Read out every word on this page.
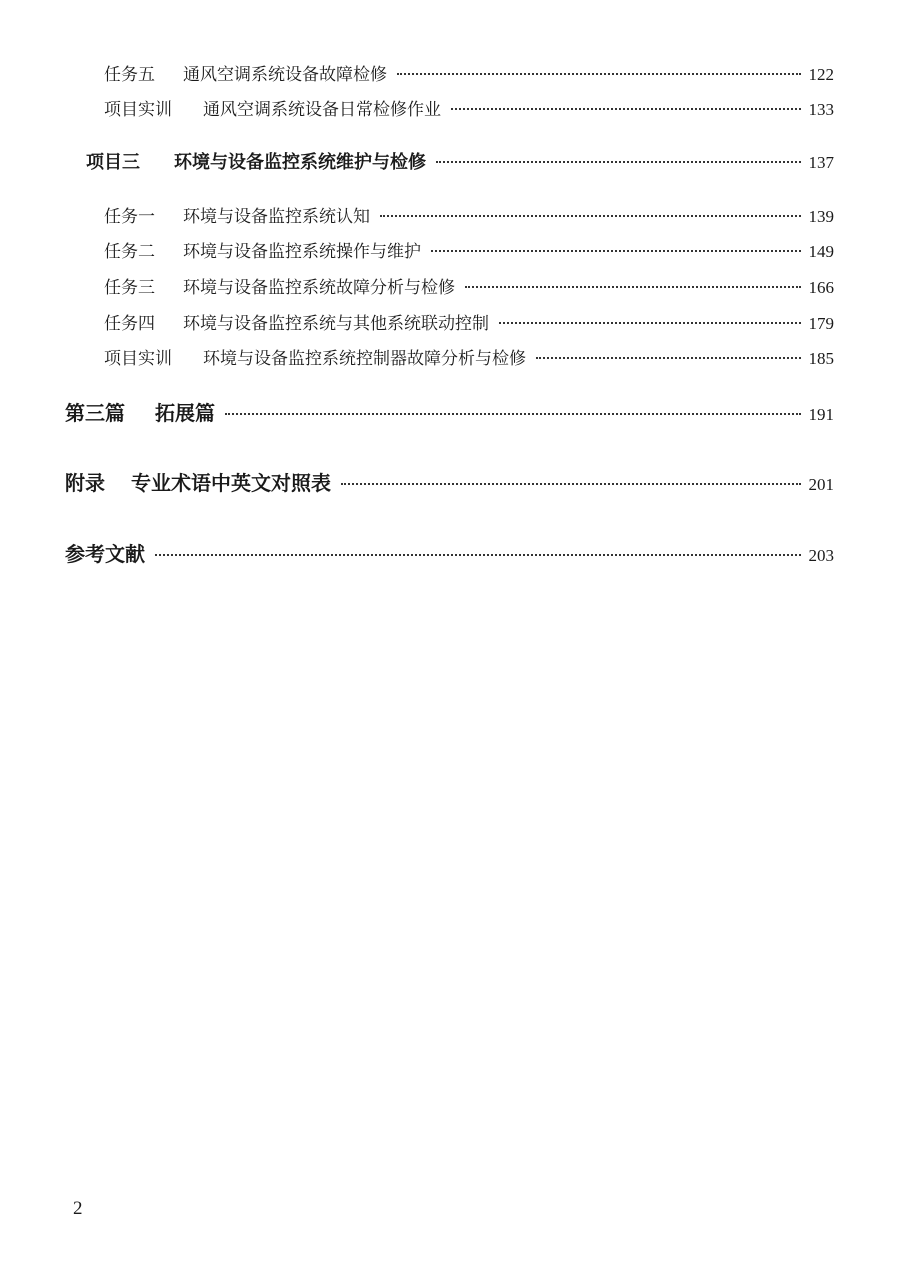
任务五	通风空调系统设备故障检修	122
项目实训	通风空调系统设备日常检修作业	133
项目三	环境与设备监控系统维护与检修	137
任务一	环境与设备监控系统认知	139
任务二	环境与设备监控系统操作与维护	149
任务三	环境与设备监控系统故障分析与检修	166
任务四	环境与设备监控系统与其他系统联动控制	179
项目实训	环境与设备监控系统控制器故障分析与检修	185
第三篇	拓展篇	191
附录	专业术语中英文对照表	201
参考文献	203
2
